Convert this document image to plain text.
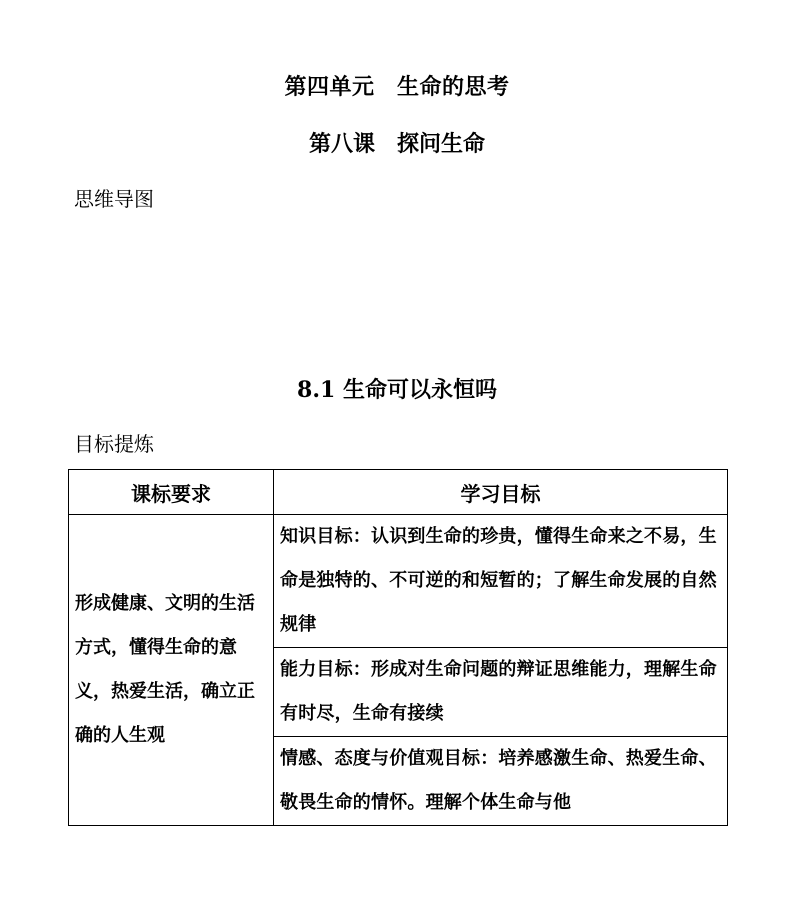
第四单元　生命的思考
第八课　探问生命
思维导图
8.1 生命可以永恒吗
目标提炼
课标要求	学习目标
形成健康、文明的生活方式，懂得生命的意义，热爱生活，确立正确的人生观	知识目标：认识到生命的珍贵，懂得生命来之不易，生命是独特的、不可逆的和短暂的；了解生命发展的自然规律
	能力目标：形成对生命问题的辩证思维能力，理解生命有时尽，生命有接续
	情感、态度与价值观目标：培养感激生命、热爱生命、敬畏生命的情怀。理解个体生命与他
